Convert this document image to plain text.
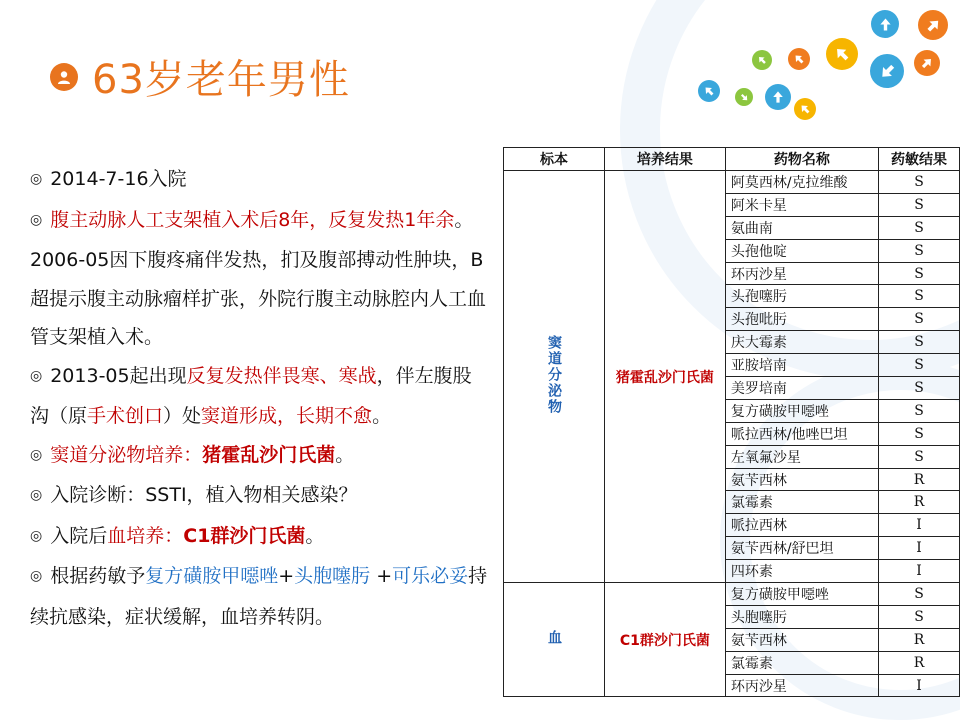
63岁老年男性

◎ 2014-7-16入院

◎ 腹主动脉人工支架植入术后8年，反复发热1年余。2006-05因下腹疼痛伴发热，扪及腹部搏动性肿块，B超提示腹主动脉瘤样扩张，外院行腹主动脉腔内人工血管支架植入术。

◎ 2013-05起出现反复发热伴畏寒、寒战，伴左腹股沟（原手术创口）处窦道形成，长期不愈。

◎ 窦道分泌物培养：猪霍乱沙门氏菌。

◎ 入院诊断：SSTI，植入物相关感染？

◎ 入院后血培养：C1群沙门氏菌。

◎ 根据药敏予复方磺胺甲噁唑+头胞噻肟 +可乐必妥持续抗感染，症状缓解，血培养转阴。

标本	培养结果	药物名称	药敏结果
窦道分泌物	猪霍乱沙门氏菌	阿莫西林/克拉维酸	S
		阿米卡星	S
		氨曲南	S
		头孢他啶	S
		环丙沙星	S
		头孢噻肟	S
		头孢吡肟	S
		庆大霉素	S
		亚胺培南	S
		美罗培南	S
		复方磺胺甲噁唑	S
		哌拉西林/他唑巴坦	S
		左氧氟沙星	S
		氨苄西林	R
		氯霉素	R
		哌拉西林	I
		氨苄西林/舒巴坦	I
		四环素	I
血	C1群沙门氏菌	复方磺胺甲噁唑	S
		头胞噻肟	S
		氨苄西林	R
		氯霉素	R
		环丙沙星	I
